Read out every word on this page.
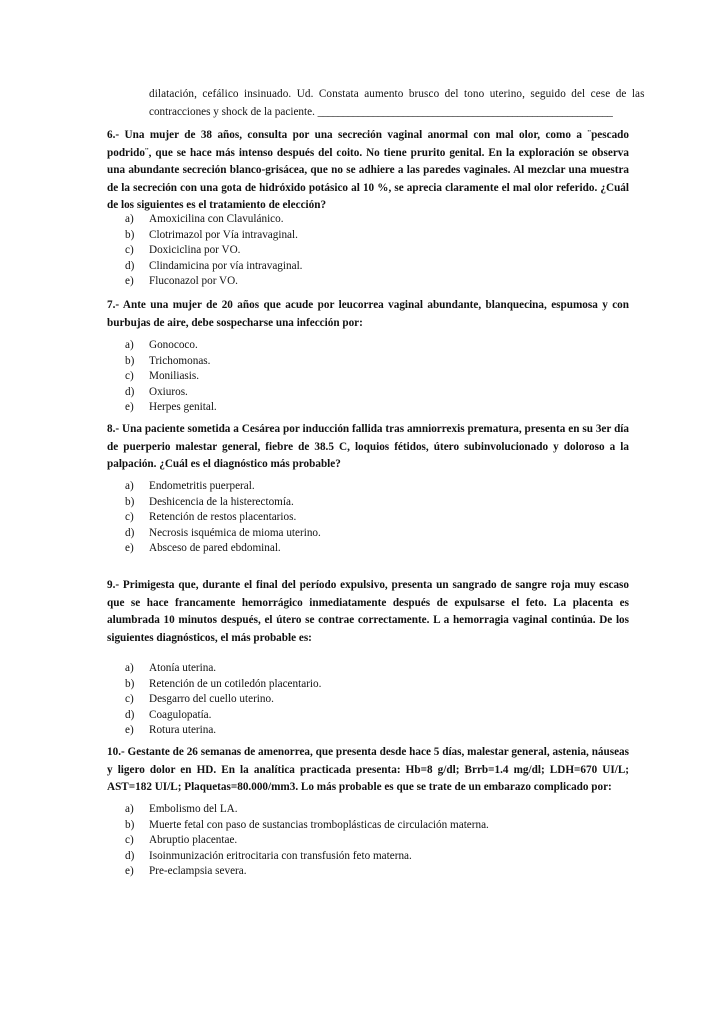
dilatación, cefálico insinuado. Ud. Constata aumento brusco del tono uterino, seguido del cese de las
contracciones y shock de la paciente. ___________________________________________________________
6.- Una mujer de 38 años, consulta por una secreción vaginal anormal con mal olor, como a ¨pescado podrido¨, que se hace más intenso después del coito. No tiene prurito genital. En la exploración se observa una abundante secreción blanco-grisácea, que no se adhiere a las paredes vaginales. Al mezclar una muestra de la secreción con una gota de hidróxido potásico al 10 %, se aprecia claramente el mal olor referido. ¿Cuál de los siguientes es el tratamiento de elección?
a)	Amoxicilina con Clavulánico.
b)	Clotrimazol por Vía intravaginal.
c)	Doxiciclina por VO.
d)	Clindamicina por vía intravaginal.
e)	Fluconazol por VO.
7.- Ante una mujer de 20 años que acude por leucorrea vaginal abundante, blanquecina, espumosa y con burbujas de aire, debe sospecharse una infección por:
a)	Gonococo.
b)	Trichomonas.
c)	Moniliasis.
d)	Oxiuros.
e)	Herpes genital.
8.- Una paciente sometida a Cesárea por inducción fallida tras amniorrexis prematura, presenta en su 3er día de puerperio malestar general, fiebre de 38.5 C, loquios fétidos, útero subinvolucionado y doloroso a la palpación. ¿Cuál es el diagnóstico más probable?
a)	Endometritis puerperal.
b)	Deshicencia de la histerectomía.
c)	Retención de restos placentarios.
d)	Necrosis isquémica de mioma uterino.
e)	Absceso de pared ebdominal.
9.- Primigesta que, durante el final del período expulsivo, presenta un sangrado de sangre roja muy escaso que se hace francamente hemorrágico inmediatamente después de expulsarse el feto. La placenta es alumbrada 10 minutos después, el útero se contrae correctamente. L a hemorragia vaginal continúa. De los siguientes diagnósticos, el más probable es:
a)	Atonía uterina.
b)	Retención de un cotiledón placentario.
c)	Desgarro del cuello uterino.
d)	Coagulopatía.
e)	Rotura uterina.
10.- Gestante de 26 semanas de amenorrea, que presenta desde hace 5 días, malestar general, astenia, náuseas y ligero dolor en HD. En la analítica practicada presenta: Hb=8 g/dl; Brrb=1.4 mg/dl; LDH=670 UI/L; AST=182 UI/L; Plaquetas=80.000/mm3. Lo más probable es que se trate de un embarazo complicado por:
a)	Embolismo del LA.
b)	Muerte fetal con paso de sustancias tromboplásticas de circulación materna.
c)	Abruptio placentae.
d)	Isoinmunización eritrocitaria con transfusión feto materna.
e)	Pre-eclampsia severa.
